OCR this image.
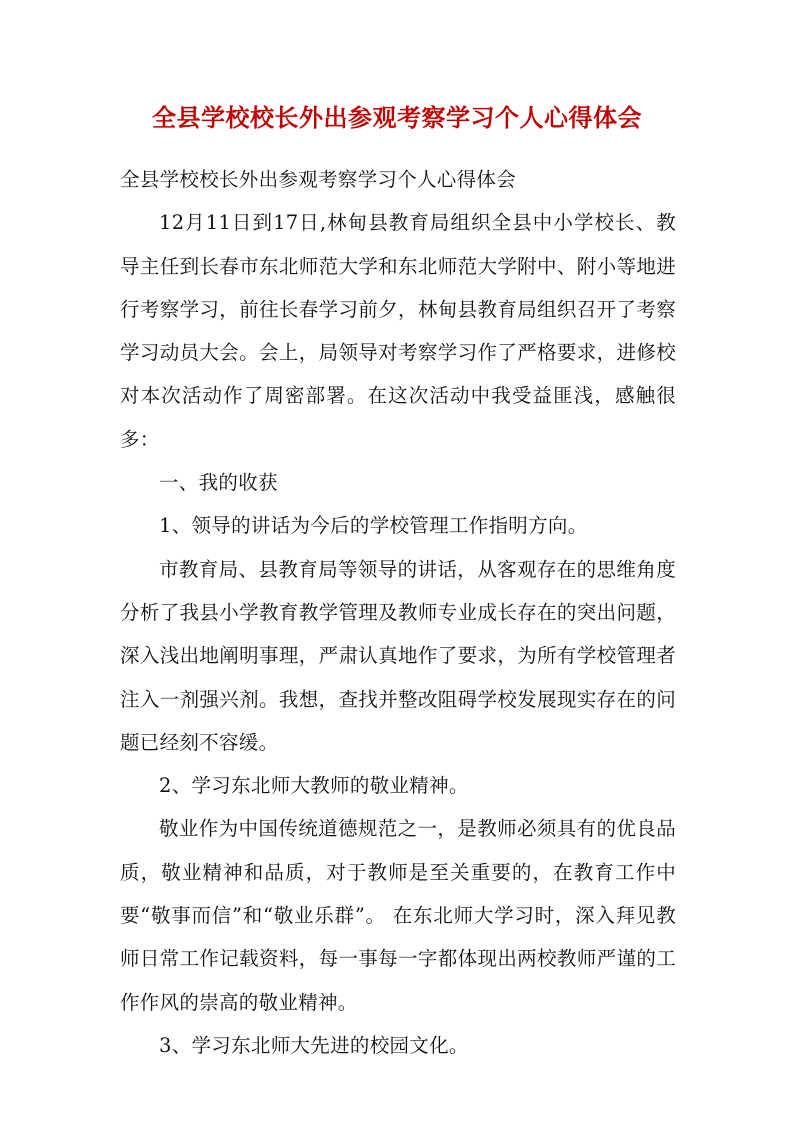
全县学校校长外出参观考察学习个人心得体会

全县学校校长外出参观考察学习个人心得体会

12月11日到17日,林甸县教育局组织全县中小学校长、教导主任到长春市东北师范大学和东北师范大学附中、附小等地进行考察学习，前往长春学习前夕，林甸县教育局组织召开了考察学习动员大会。会上，局领导对考察学习作了严格要求，进修校对本次活动作了周密部署。在这次活动中我受益匪浅，感触很多：

一、我的收获

1、领导的讲话为今后的学校管理工作指明方向。

市教育局、县教育局等领导的讲话，从客观存在的思维角度分析了我县小学教育教学管理及教师专业成长存在的突出问题，深入浅出地阐明事理，严肃认真地作了要求，为所有学校管理者注入一剂强兴剂。我想，查找并整改阻碍学校发展现实存在的问题已经刻不容缓。

2、学习东北师大教师的敬业精神。

敬业作为中国传统道德规范之一，是教师必须具有的优良品质，敬业精神和品质，对于教师是至关重要的，在教育工作中要“敬事而信”和“敬业乐群”。 在东北师大学习时，深入拜见教师日常工作记载资料，每一事每一字都体现出两校教师严谨的工作作风的崇高的敬业精神。

3、学习东北师大先进的校园文化。
